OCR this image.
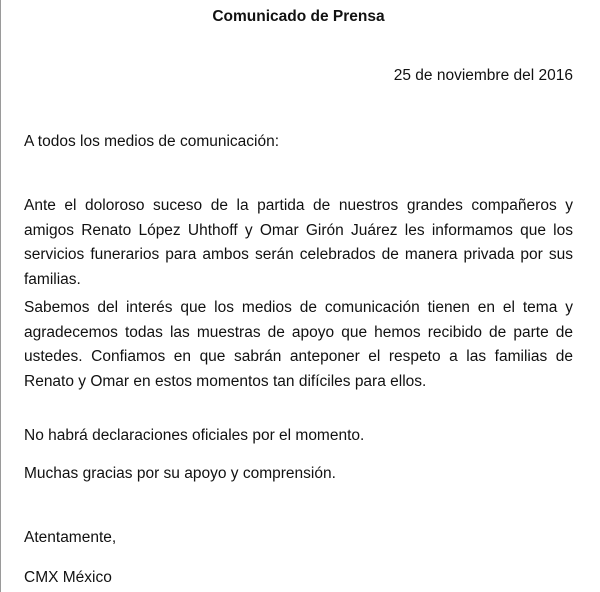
Comunicado de Prensa
25 de noviembre del 2016
A todos los medios de comunicación:

Ante el doloroso suceso de la partida de nuestros grandes compañeros y amigos Renato López Uhthoff y Omar Girón Juárez les informamos que los servicios funerarios para ambos serán celebrados de manera privada por sus familias.

Sabemos del interés que los medios de comunicación tienen en el tema y agradecemos todas las muestras de apoyo que hemos recibido de parte de ustedes. Confiamos en que sabrán anteponer el respeto a las familias de Renato y Omar en estos momentos tan difíciles para ellos.

No habrá declaraciones oficiales por el momento.

Muchas gracias por su apoyo y comprensión.

Atentamente,
CMX México
